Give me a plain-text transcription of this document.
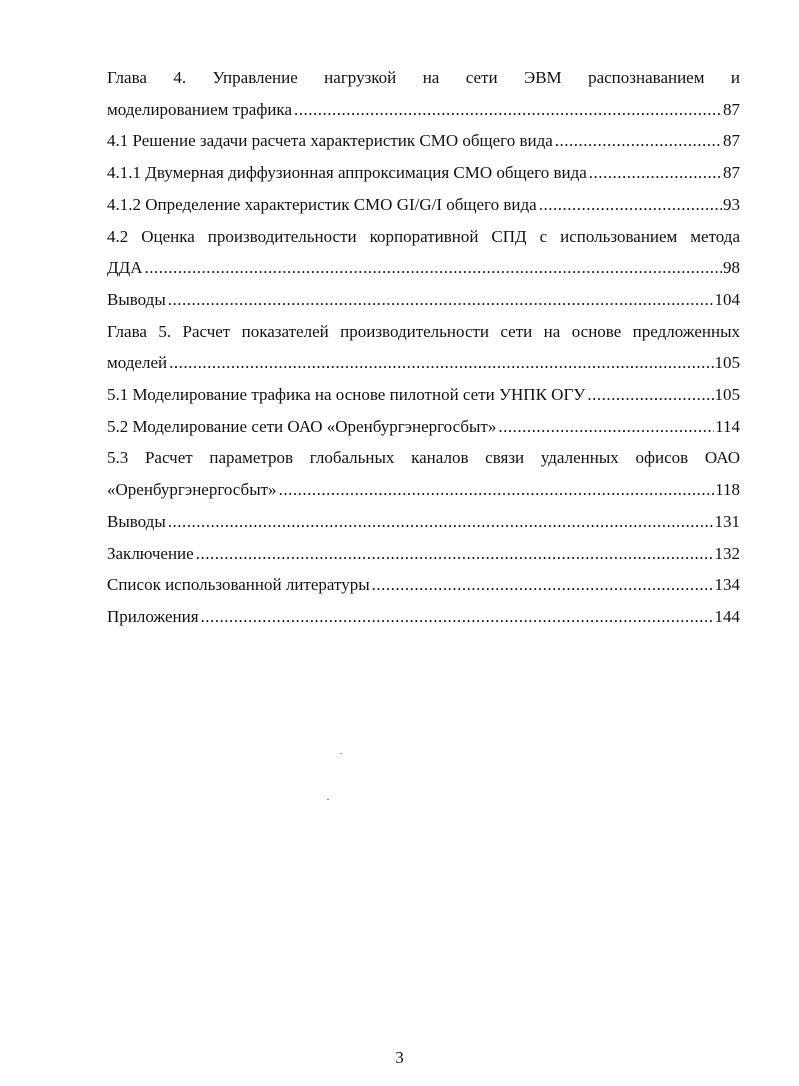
Глава 4. Управление нагрузкой на сети ЭВМ распознаванием и
моделированием трафика .....	87
4.1 Решение задачи расчета характеристик СМО общего вида .....	87
4.1.1 Двумерная диффузионная аппроксимация СМО общего вида .....	87
4.1.2 Определение характеристик СМО GI/G/I общего вида .....	93
4.2 Оценка производительности корпоративной СПД с использованием метода
ДДА .....	98
Выводы .....	104
Глава 5. Расчет показателей производительности сети на основе предложенных
моделей .....	105
5.1 Моделирование трафика на основе пилотной сети УНПК ОГУ .....	105
5.2 Моделирование сети ОАО «Оренбургэнергосбыт» .....	114
5.3 Расчет параметров глобальных каналов связи удаленных офисов ОАО
«Оренбургэнергосбыт» .....	118
Выводы .....	131
Заключение .....	132
Список использованной литературы .....	134
Приложения .....	144
3
